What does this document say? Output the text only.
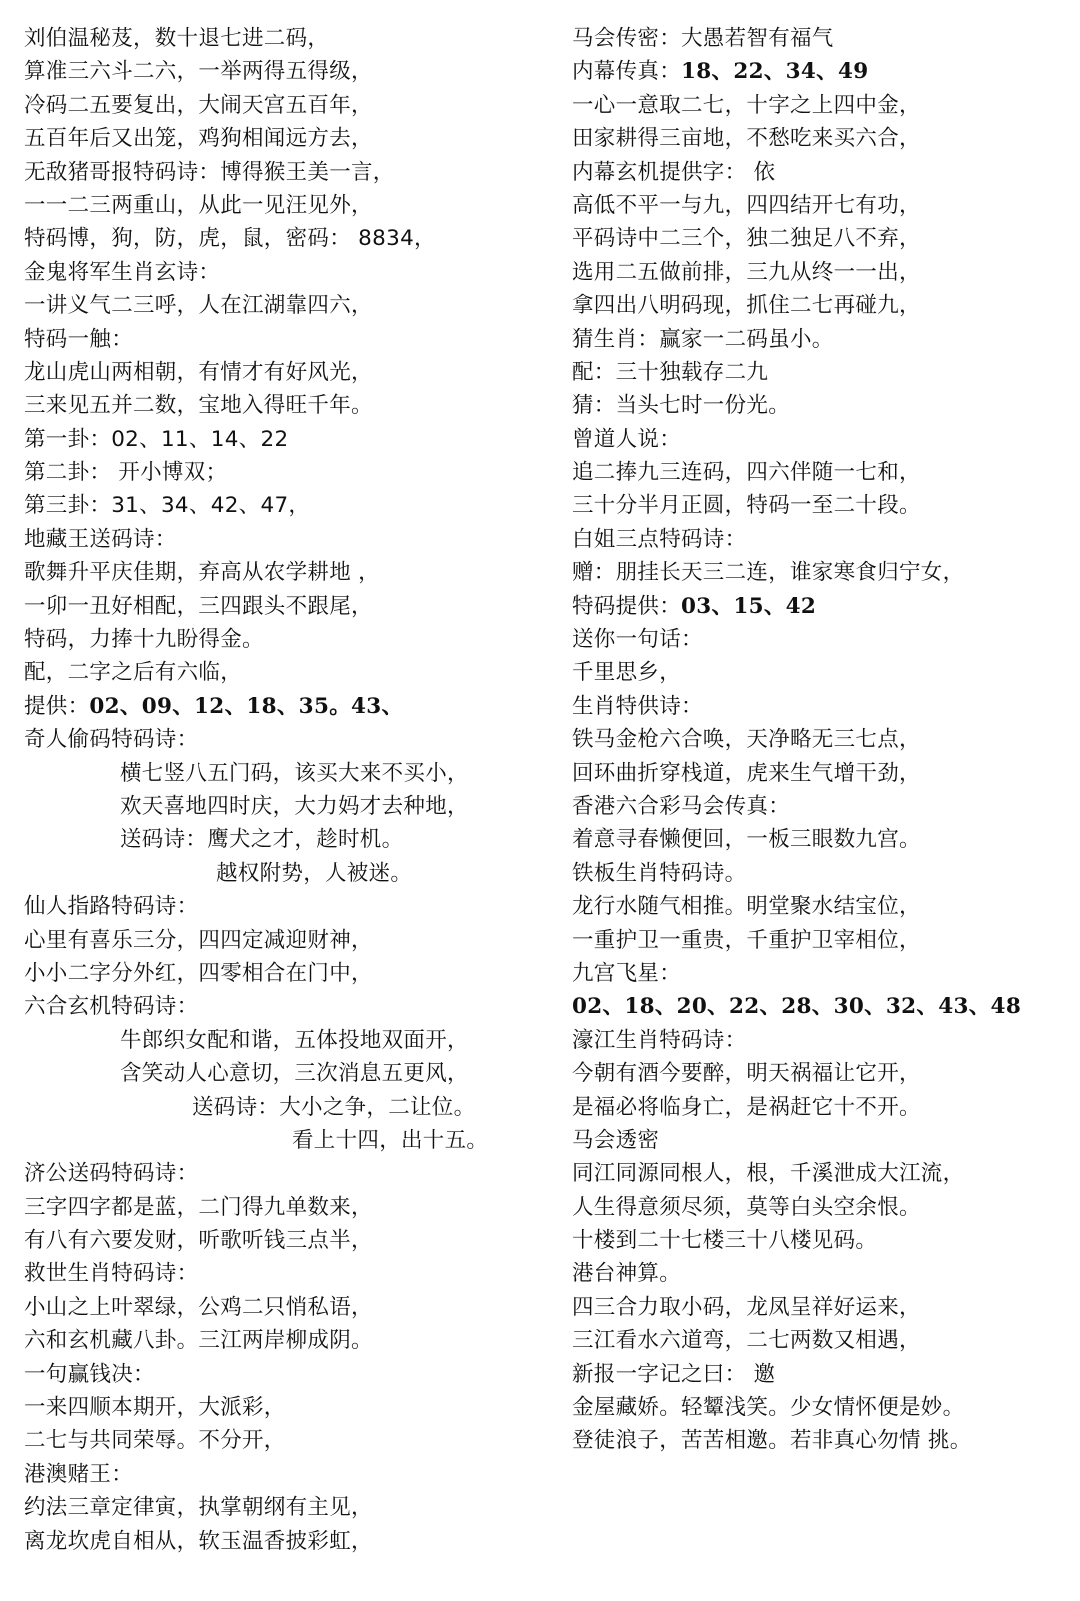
刘伯温秘芨，数十退七进二码，
算准三六斗二六，一举两得五得级，
冷码二五要复出，大闹天宫五百年，
五百年后又出笼，鸡狗相闻远方去，
无敌猪哥报特码诗：博得猴王美一言，
一一二三两重山，从此一见汪见外，
特码博，狗，防，虎，鼠，密码： 8834，
金鬼将军生肖玄诗：
一讲义气二三呼，人在江湖靠四六，
特码一触：
龙山虎山两相朝，有情才有好风光，
三来见五并二数，宝地入得旺千年。
第一卦：02、11、14、22
第二卦： 开小博双；
第三卦：31、34、42、47，
地藏王送码诗：
歌舞升平庆佳期，弃高从农学耕地 ，
一卯一丑好相配，三四跟头不跟尾，
特码，力捧十九盼得金。
配，二字之后有六临，
提供：02、09、12、18、35。43、
奇人偷码特码诗：
横七竖八五门码，该买大来不买小，
欢天喜地四时庆，大力妈才去种地，
送码诗：鹰犬之才，趁时机。
越权附势，人被迷。
仙人指路特码诗：
心里有喜乐三分，四四定减迎财神，
小小二字分外红，四零相合在门中，
六合玄机特码诗：
牛郎织女配和谐，五体投地双面开，
含笑动人心意切，三次消息五更风，
送码诗：大小之争，二让位。
看上十四，出十五。
济公送码特码诗：
三字四字都是蓝，二门得九单数来，
有八有六要发财，听歌听钱三点半，
救世生肖特码诗：
小山之上叶翠绿，公鸡二只悄私语，
六和玄机藏八卦。三江两岸柳成阴。
一句赢钱决：
一来四顺本期开，大派彩，
二七与共同荣辱。不分开，
港澳赌王：
约法三章定律寅，执掌朝纲有主见，
离龙坎虎自相从，软玉温香披彩虹，
马会传密：大愚若智有福气
内幕传真：18、22、34、49
一心一意取二七，十字之上四中金，
田家耕得三亩地，不愁吃来买六合，
内幕玄机提供字： 依
高低不平一与九，四四结开七有功，
平码诗中二三个，独二独足八不弃，
选用二五做前排，三九从终一一出，
拿四出八明码现，抓住二七再碰九，
猜生肖：赢家一二码虽小。
配：三十独载存二九
猜：当头七时一份光。
曾道人说：
追二捧九三连码，四六伴随一七和，
三十分半月正圆，特码一至二十段。
白姐三点特码诗：
赠：朋挂长天三二连，谁家寒食归宁女，
特码提供：03、15、42
送你一句话：
千里思乡，
生肖特供诗：
铁马金枪六合唤，天净略无三七点，
回环曲折穿栈道，虎来生气增干劲，
香港六合彩马会传真：
着意寻春懒便回，一板三眼数九宫。
铁板生肖特码诗。
龙行水随气相推。明堂聚水结宝位，
一重护卫一重贵，千重护卫宰相位，
九宫飞星：
02、18、20、22、28、30、32、43、48
濠江生肖特码诗：
今朝有酒今要醉，明天祸福让它开，
是福必将临身亡，是祸赶它十不开。
马会透密
同江同源同根人，根，千溪泄成大江流，
人生得意须尽须，莫等白头空余恨。
十楼到二十七楼三十八楼见码。
港台神算。
四三合力取小码，龙凤呈祥好运来，
三江看水六道弯，二七两数又相遇，
新报一字记之曰： 邀
金屋藏娇。轻颦浅笑。少女情怀便是妙。
登徒浪子，苦苦相邀。若非真心勿情 挑。
